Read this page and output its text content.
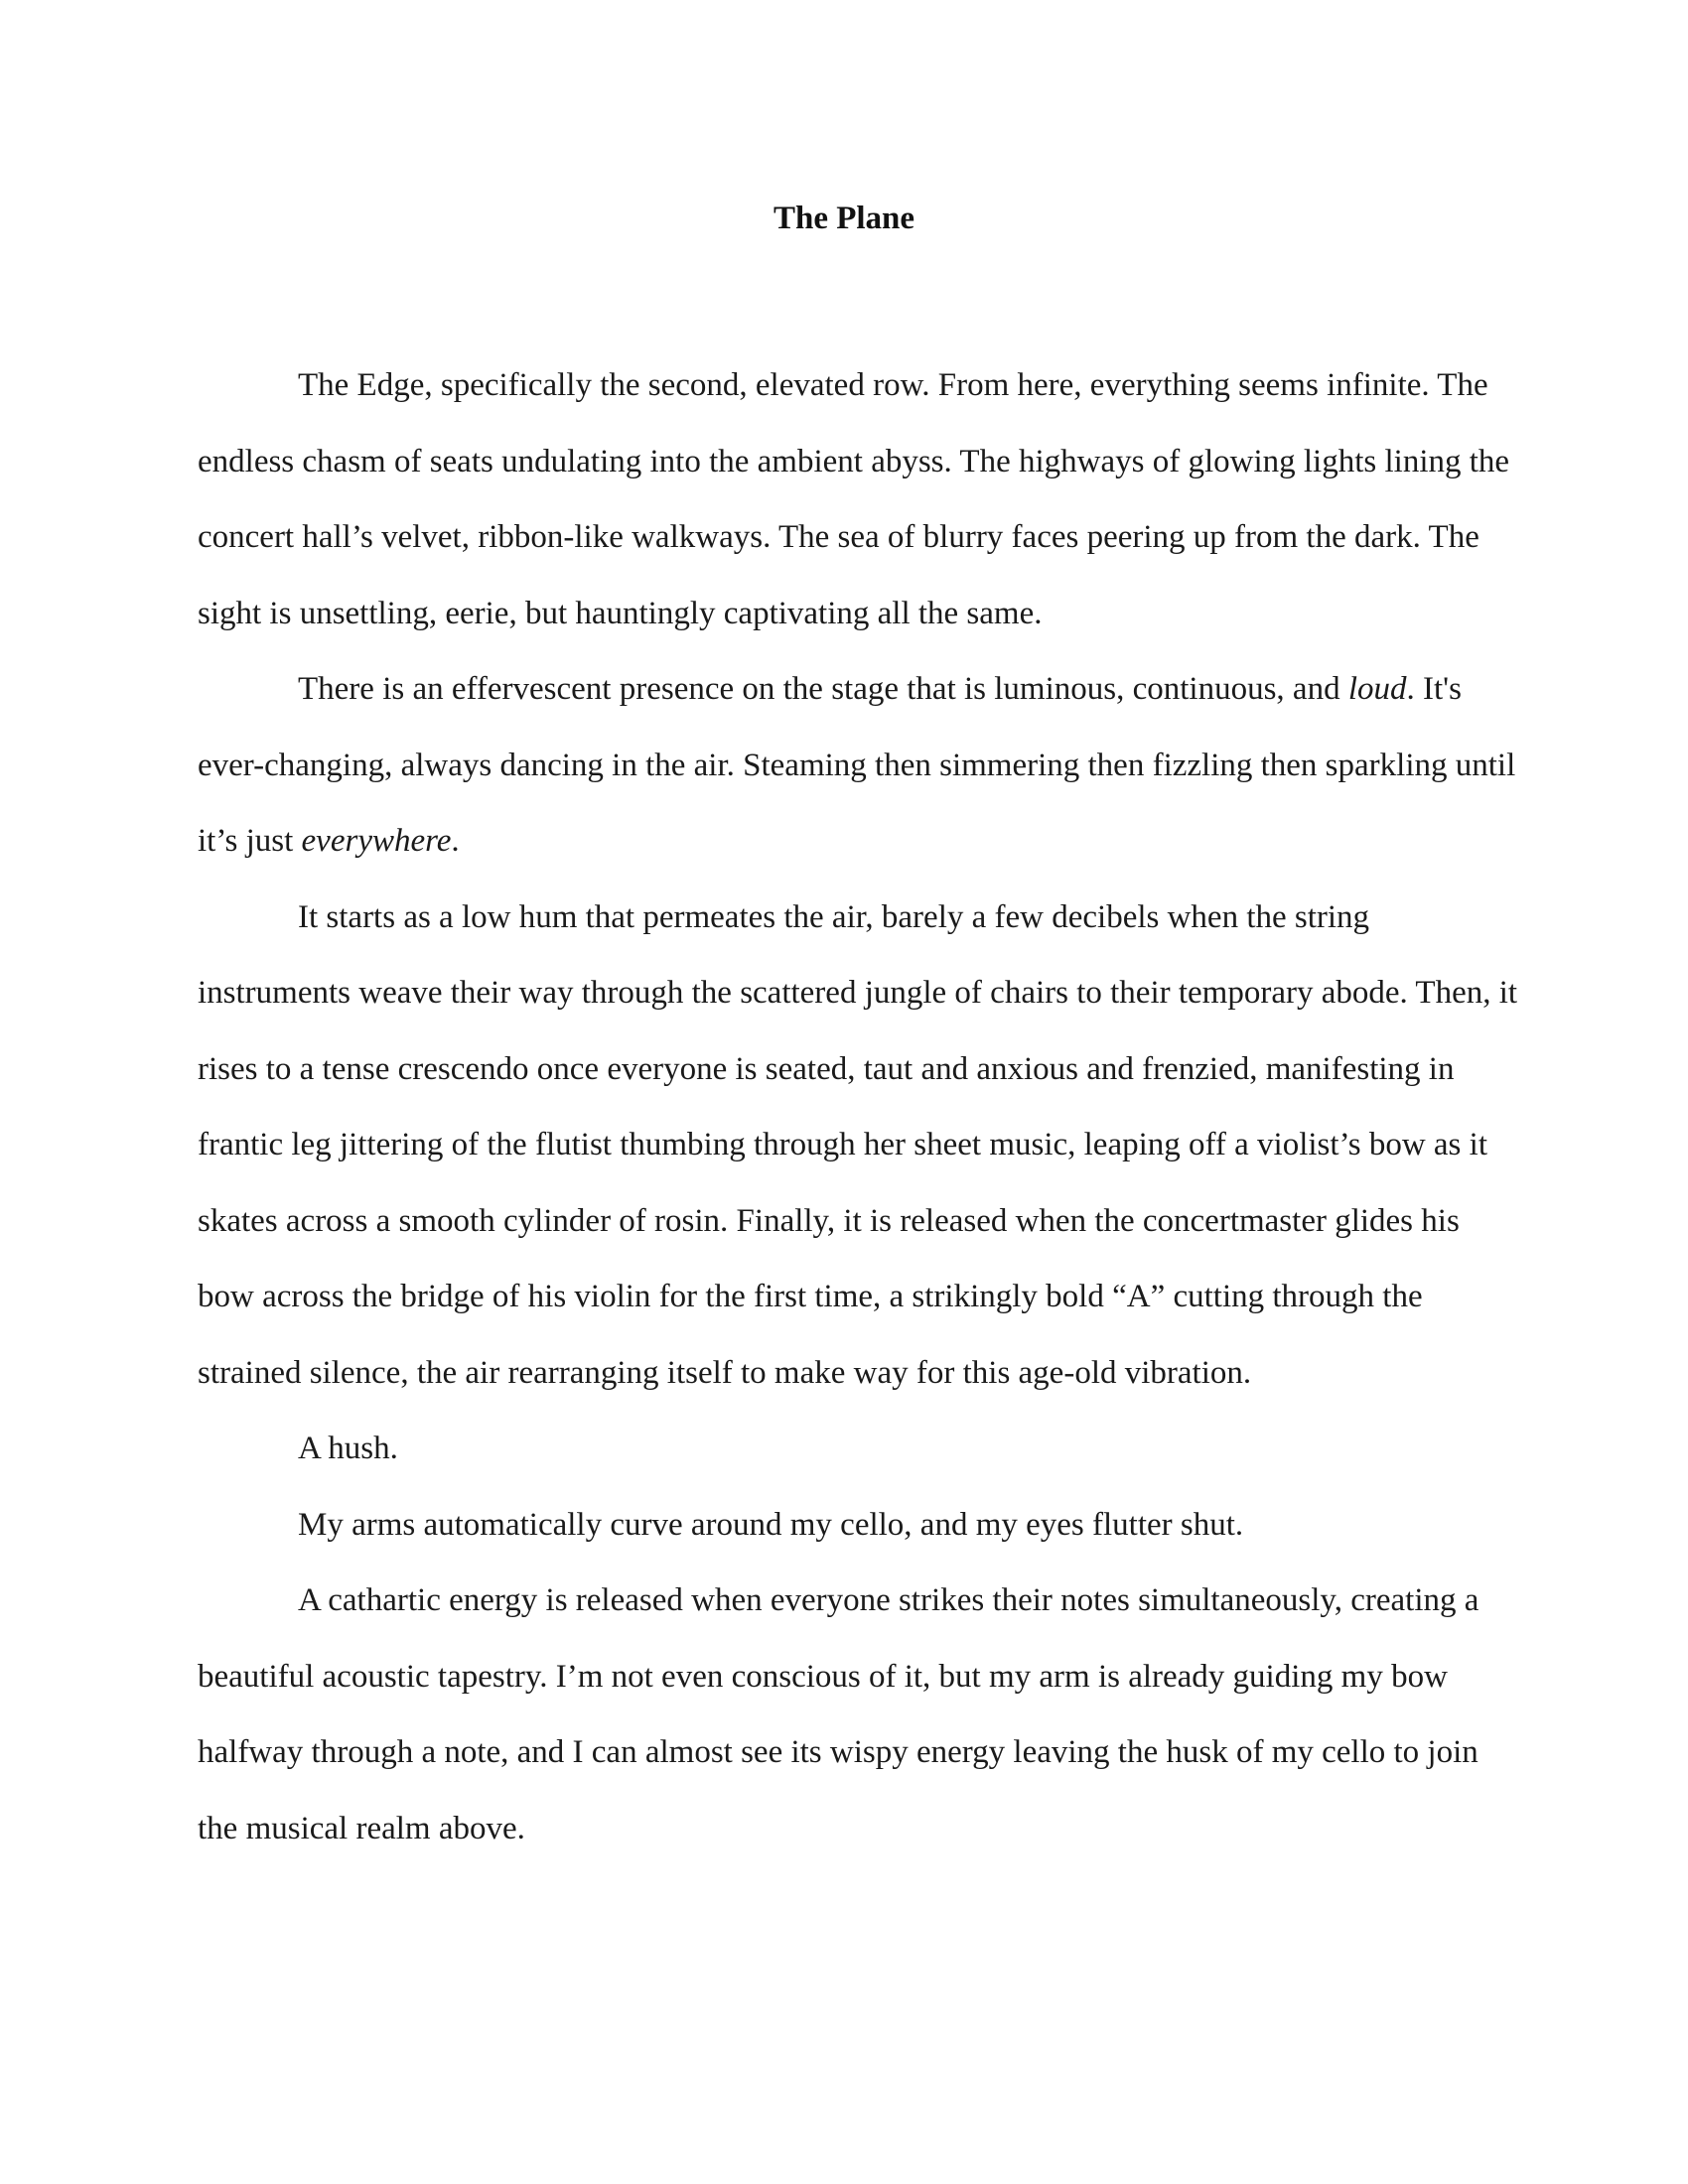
The Plane

The Edge, specifically the second, elevated row. From here, everything seems infinite. The endless chasm of seats undulating into the ambient abyss. The highways of glowing lights lining the concert hall’s velvet, ribbon-like walkways. The sea of blurry faces peering up from the dark. The sight is unsettling, eerie, but hauntingly captivating all the same.

There is an effervescent presence on the stage that is luminous, continuous, and loud. It's ever-changing, always dancing in the air. Steaming then simmering then fizzling then sparkling until it’s just everywhere.

It starts as a low hum that permeates the air, barely a few decibels when the string instruments weave their way through the scattered jungle of chairs to their temporary abode. Then, it rises to a tense crescendo once everyone is seated, taut and anxious and frenzied, manifesting in frantic leg jittering of the flutist thumbing through her sheet music, leaping off a violist’s bow as it skates across a smooth cylinder of rosin. Finally, it is released when the concertmaster glides his bow across the bridge of his violin for the first time, a strikingly bold “A” cutting through the strained silence, the air rearranging itself to make way for this age-old vibration.

A hush.

My arms automatically curve around my cello, and my eyes flutter shut.

A cathartic energy is released when everyone strikes their notes simultaneously, creating a beautiful acoustic tapestry. I’m not even conscious of it, but my arm is already guiding my bow halfway through a note, and I can almost see its wispy energy leaving the husk of my cello to join the musical realm above.
